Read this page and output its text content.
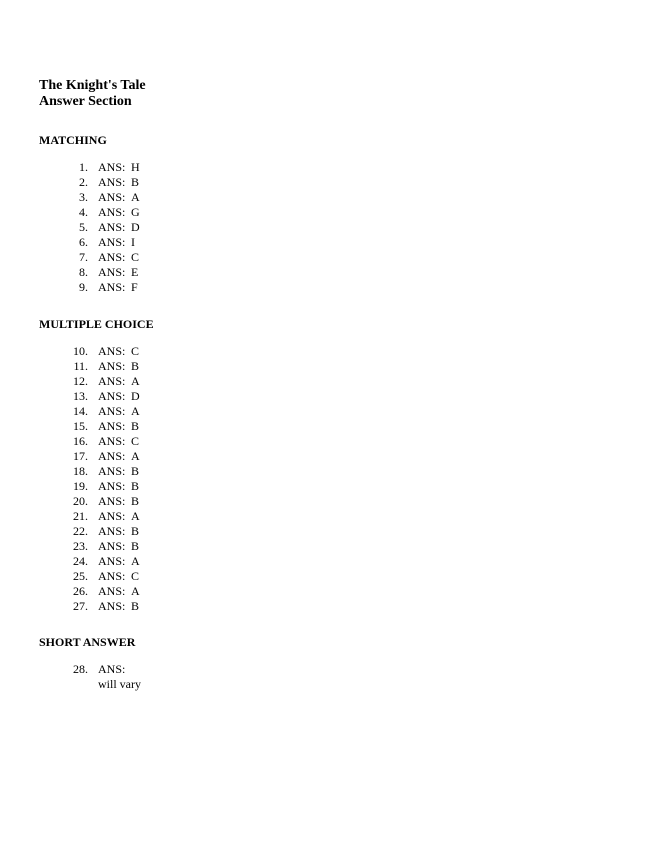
The Knight's Tale
Answer Section
MATCHING
1. ANS: H
2. ANS: B
3. ANS: A
4. ANS: G
5. ANS: D
6. ANS: I
7. ANS: C
8. ANS: E
9. ANS: F
MULTIPLE CHOICE
10. ANS: C
11. ANS: B
12. ANS: A
13. ANS: D
14. ANS: A
15. ANS: B
16. ANS: C
17. ANS: A
18. ANS: B
19. ANS: B
20. ANS: B
21. ANS: A
22. ANS: B
23. ANS: B
24. ANS: A
25. ANS: C
26. ANS: A
27. ANS: B
SHORT ANSWER
28. ANS:
will vary
